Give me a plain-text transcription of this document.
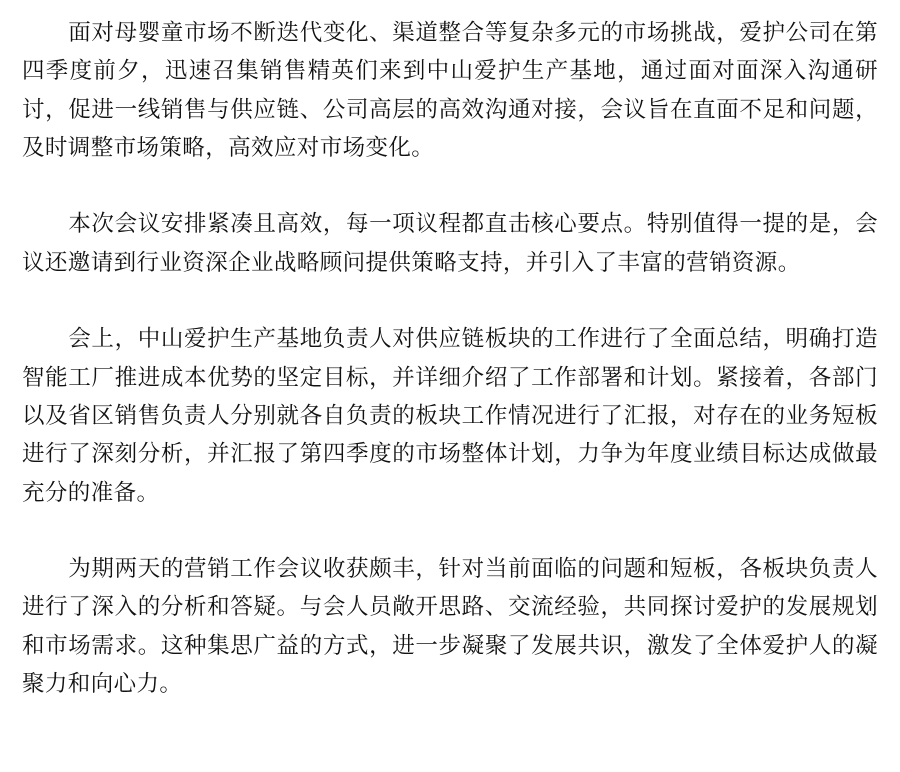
　　面对母婴童市场不断迭代变化、渠道整合等复杂多元的市场挑战，爱护公司在第四季度前夕，迅速召集销售精英们来到中山爱护生产基地，通过面对面深入沟通研讨，促进一线销售与供应链、公司高层的高效沟通对接，会议旨在直面不足和问题，及时调整市场策略，高效应对市场变化。

　　本次会议安排紧凑且高效，每一项议程都直击核心要点。特别值得一提的是，会议还邀请到行业资深企业战略顾问提供策略支持，并引入了丰富的营销资源。

　　会上，中山爱护生产基地负责人对供应链板块的工作进行了全面总结，明确打造智能工厂推进成本优势的坚定目标，并详细介绍了工作部署和计划。紧接着，各部门以及省区销售负责人分别就各自负责的板块工作情况进行了汇报，对存在的业务短板进行了深刻分析，并汇报了第四季度的市场整体计划，力争为年度业绩目标达成做最充分的准备。

　　为期两天的营销工作会议收获颇丰，针对当前面临的问题和短板，各板块负责人进行了深入的分析和答疑。与会人员敞开思路、交流经验，共同探讨爱护的发展规划和市场需求。这种集思广益的方式，进一步凝聚了发展共识，激发了全体爱护人的凝聚力和向心力。
